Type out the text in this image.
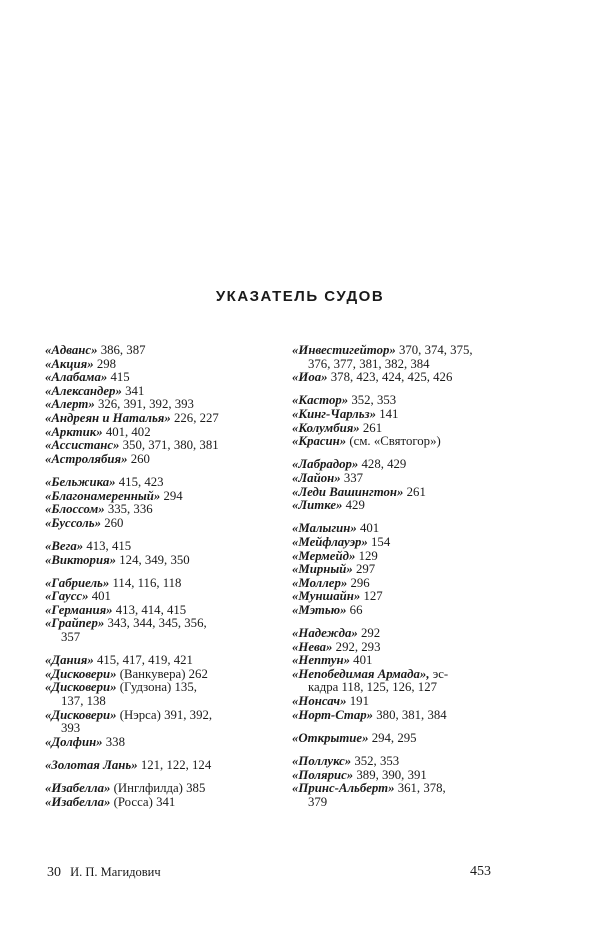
УКАЗАТЕЛЬ СУДОВ
«Адванс» 386, 387
«Акция» 298
«Алабама» 415
«Александер» 341
«Алерт» 326, 391, 392, 393
«Андреян и Наталья» 226, 227
«Арктик» 401, 402
«Ассистанс» 350, 371, 380, 381
«Астролябия» 260
«Бельжика» 415, 423
«Благонамеренный» 294
«Блоссом» 335, 336
«Буссоль» 260
«Вега» 413, 415
«Виктория» 124, 349, 350
«Габриель» 114, 116, 118
«Гаусс» 401
«Германия» 413, 414, 415
«Грайпер» 343, 344, 345, 356,
357
«Дания» 415, 417, 419, 421
«Дисковери» (Ванкувера) 262
«Дисковери» (Гудзона) 135,
137, 138
«Дисковери» (Нэрса) 391, 392,
393
«Долфин» 338
«Золотая Лань» 121, 122, 124
«Изабелла» (Инглфилда) 385
«Изабелла» (Росса) 341
«Инвестигейтор» 370, 374, 375,
376, 377, 381, 382, 384
«Иоа» 378, 423, 424, 425, 426
«Кастор» 352, 353
«Кинг-Чарльз» 141
«Колумбия» 261
«Красин» (см. «Святогор»)
«Лабрадор» 428, 429
«Лайон» 337
«Леди Вашингтон» 261
«Литке» 429
«Малыгин» 401
«Мейфлауэр» 154
«Мермейд» 129
«Мирный» 297
«Моллер» 296
«Муншайн» 127
«Мэтью» 66
«Надежда» 292
«Нева» 292, 293
«Нептун» 401
«Непобедимая Армада», эс-
кадра 118, 125, 126, 127
«Нонсач» 191
«Норт-Стар» 380, 381, 384
«Открытие» 294, 295
«Поллукс» 352, 353
«Полярис» 389, 390, 391
«Принс-Альберт» 361, 378,
379
30 И. П. Магидович	453
